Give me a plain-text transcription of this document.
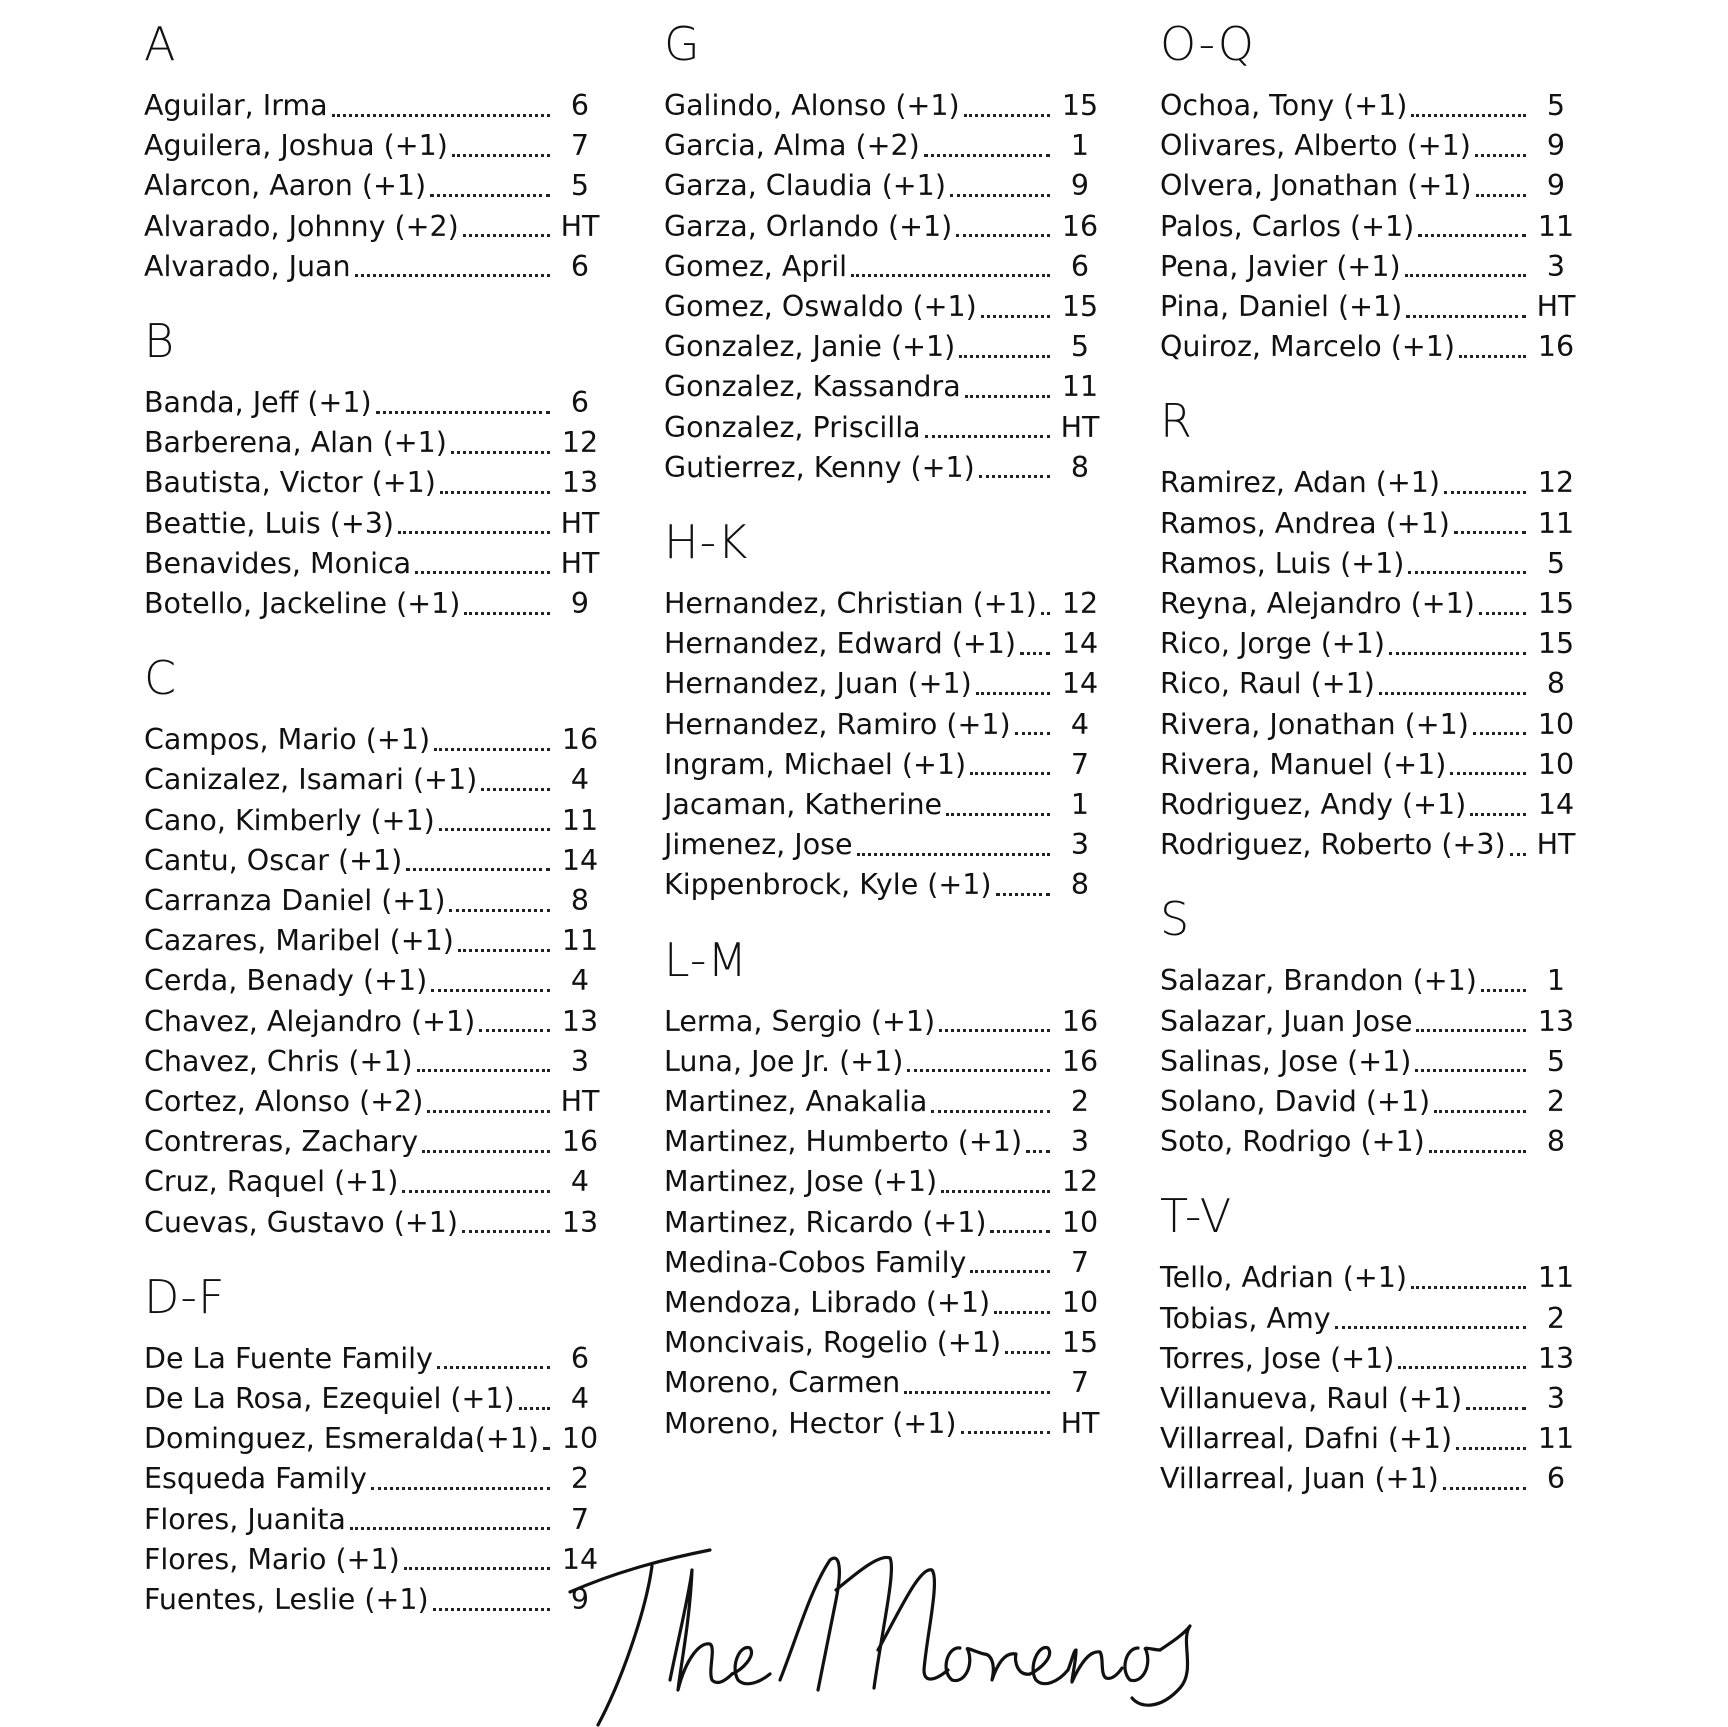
A
Aguilar, Irma	6
Aguilera, Joshua (+1)	7
Alarcon, Aaron (+1)	5
Alvarado, Johnny (+2)	HT
Alvarado, Juan	6
B
Banda, Jeff (+1)	6
Barberena, Alan (+1)	12
Bautista, Victor (+1)	13
Beattie, Luis (+3)	HT
Benavides, Monica	HT
Botello, Jackeline (+1)	9
C
Campos, Mario (+1)	16
Canizalez, Isamari (+1)	4
Cano, Kimberly (+1)	11
Cantu, Oscar (+1)	14
Carranza Daniel (+1)	8
Cazares, Maribel (+1)	11
Cerda, Benady (+1)	4
Chavez, Alejandro (+1)	13
Chavez, Chris (+1)	3
Cortez, Alonso (+2)	HT
Contreras, Zachary	16
Cruz, Raquel (+1)	4
Cuevas, Gustavo (+1)	13
D-F
De La Fuente Family	6
De La Rosa, Ezequiel (+1)	4
Dominguez, Esmeralda(+1) 10
Esqueda Family	2
Flores, Juanita	7
Flores, Mario (+1)	14
Fuentes, Leslie (+1)	9
G
Galindo, Alonso (+1)	15
Garcia, Alma (+2)	1
Garza, Claudia (+1)	9
Garza, Orlando (+1)	16
Gomez, April	6
Gomez, Oswaldo (+1)	15
Gonzalez, Janie (+1)	5
Gonzalez, Kassandra	11
Gonzalez, Priscilla	HT
Gutierrez, Kenny (+1)	8
H-K
Hernandez, Christian (+1) 12
Hernandez, Edward (+1) 14
Hernandez, Juan (+1)	14
Hernandez, Ramiro (+1)	4
Ingram, Michael (+1)	7
Jacaman, Katherine	1
Jimenez, Jose	3
Kippenbrock, Kyle (+1)	8
L-M
Lerma, Sergio (+1)	16
Luna, Joe Jr. (+1)	16
Martinez, Anakalia	2
Martinez, Humberto (+1)	3
Martinez, Jose (+1)	12
Martinez, Ricardo (+1)	10
Medina-Cobos Family	7
Mendoza, Librado (+1)	10
Moncivais, Rogelio (+1) 15
Moreno, Carmen	7
Moreno, Hector (+1)	HT
O-Q
Ochoa, Tony (+1)	5
Olivares, Alberto (+1)	9
Olvera, Jonathan (+1)	9
Palos, Carlos (+1)	11
Pena, Javier (+1)	3
Pina, Daniel (+1)	HT
Quiroz, Marcelo (+1)	16
R
Ramirez, Adan (+1)	12
Ramos, Andrea (+1)	11
Ramos, Luis (+1)	5
Reyna, Alejandro (+1) 15
Rico, Jorge (+1)	15
Rico, Raul (+1)	8
Rivera, Jonathan (+1) 10
Rivera, Manuel (+1)	10
Rodriguez, Andy (+1)	14
Rodriguez, Roberto (+3) HT
S
Salazar, Brandon (+1)	1
Salazar, Juan Jose	13
Salinas, Jose (+1)	5
Solano, David (+1)	2
Soto, Rodrigo (+1)	8
T-V
Tello, Adrian (+1)	11
Tobias, Amy	2
Torres, Jose (+1)	13
Villanueva, Raul (+1)	3
Villarreal, Dafni (+1)	11
Villarreal, Juan (+1)	6
